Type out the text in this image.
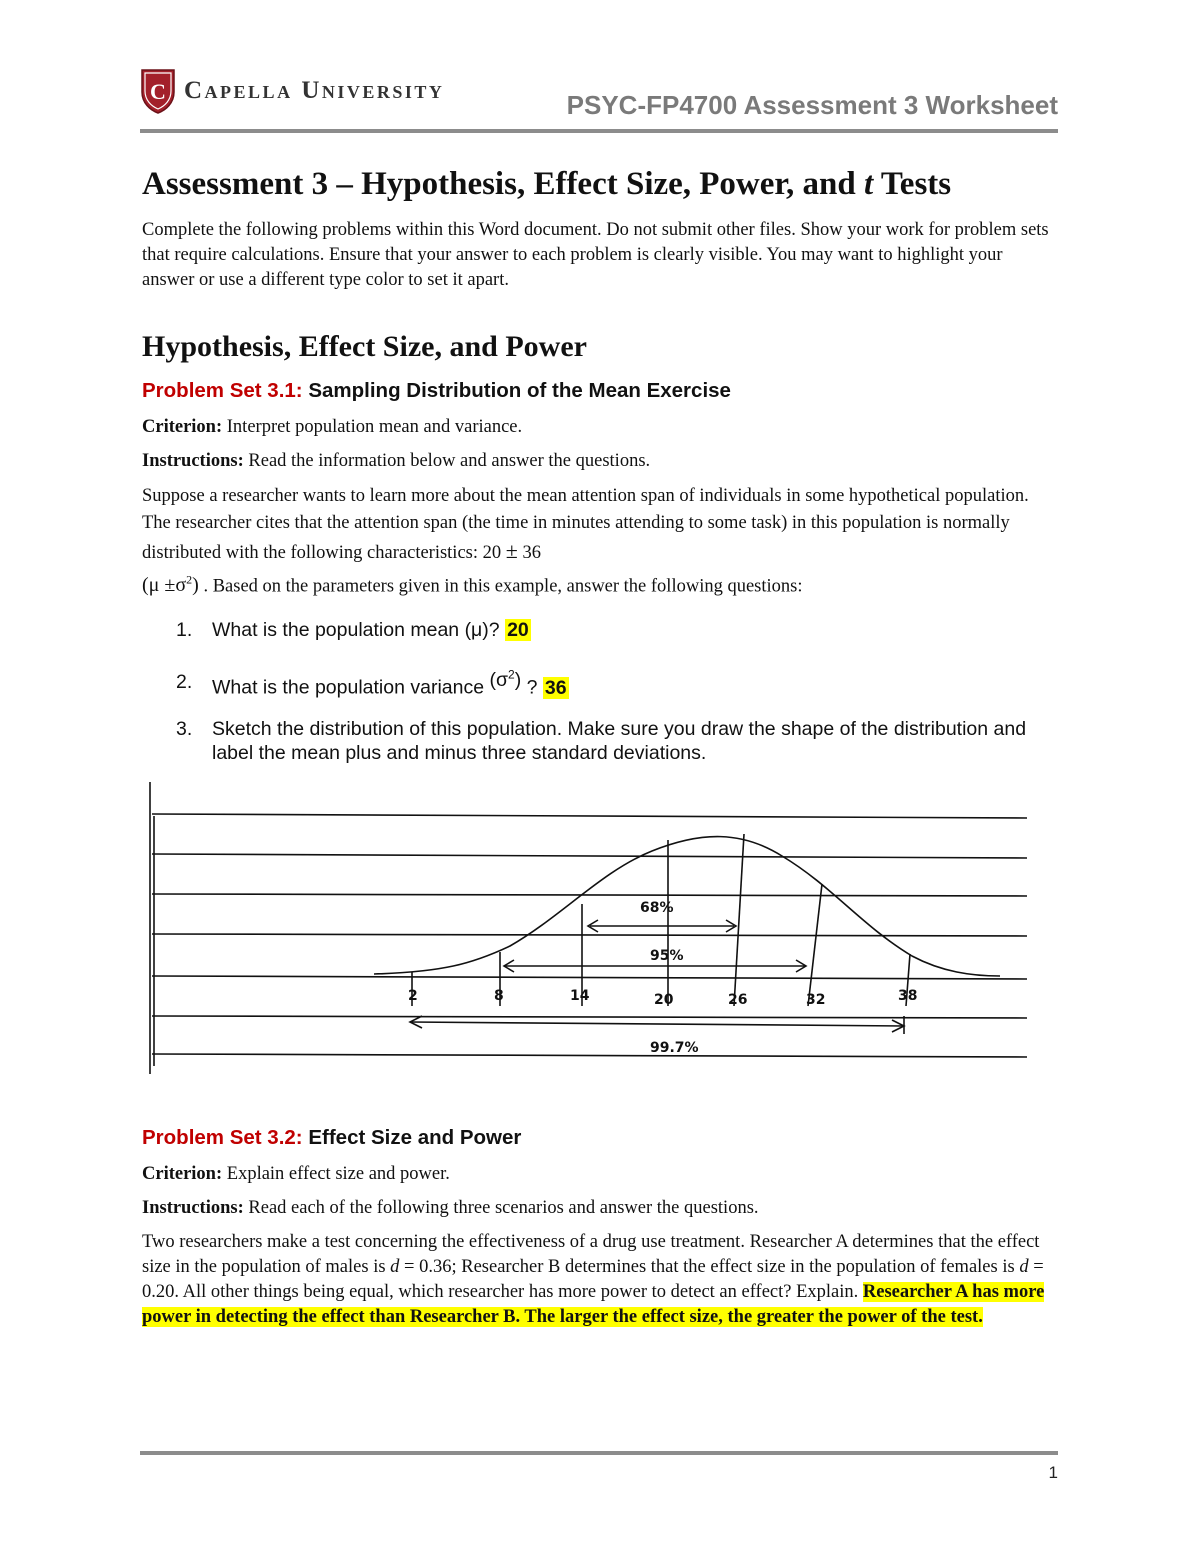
C Capella University	PSYC-FP4700 Assessment 3 Worksheet
Assessment 3 – Hypothesis, Effect Size, Power, and t Tests

Complete the following problems within this Word document. Do not submit other files. Show your work for problem sets that require calculations. Ensure that your answer to each problem is clearly visible. You may want to highlight your answer or use a different type color to set it apart.

Hypothesis, Effect Size, and Power
Problem Set 3.1: Sampling Distribution of the Mean Exercise

Criterion: Interpret population mean and variance.

Instructions: Read the information below and answer the questions.

Suppose a researcher wants to learn more about the mean attention span of individuals in some hypothetical population. The researcher cites that the attention span (the time in minutes attending to some task) in this population is normally distributed with the following characteristics: 20 ± 36
$(\mu \pm\sigma^2)$ . Based on the parameters given in this example, answer the following questions:

1. What is the population mean (μ)? 20
2. What is the population variance $(\sigma^2)$ ? 36
3. Sketch the distribution of this population. Make sure you draw the shape of the distribution and label the mean plus and minus three standard deviations.
2	8	14	20	26	32	38
68%
95%
99.7%
Problem Set 3.2: Effect Size and Power

Criterion: Explain effect size and power.

Instructions: Read each of the following three scenarios and answer the questions.

Two researchers make a test concerning the effectiveness of a drug use treatment. Researcher A determines that the effect size in the population of males is d = 0.36; Researcher B determines that the effect size in the population of females is d = 0.20. All other things being equal, which researcher has more power to detect an effect? Explain. Researcher A has more power in detecting the effect than Researcher B. The larger the effect size, the greater the power of the test.

1
